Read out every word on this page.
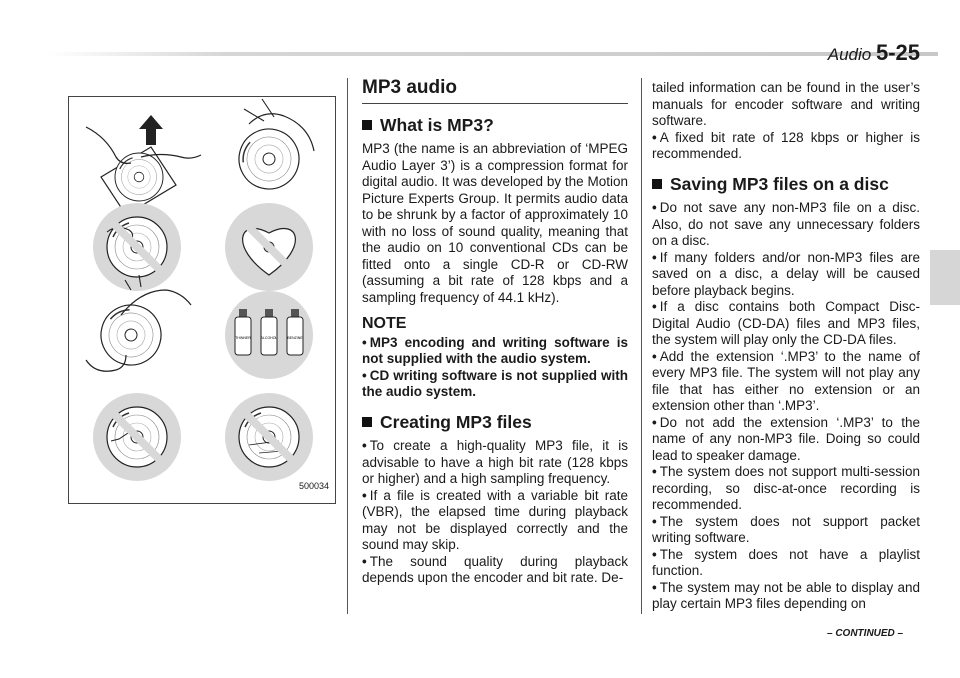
Audio 5-25
THINNER	ALCOHOL	BENZINE
500034
MP3 audio
What is MP3?

MP3 (the name is an abbreviation of ‘MPEG Audio Layer 3’) is a compression format for digital audio. It was developed by the Motion Picture Experts Group. It permits audio data to be shrunk by a factor of approximately 10 with no loss of sound quality, meaning that the audio on 10 conventional CDs can be fitted onto a single CD-R or CD-RW (assuming a bit rate of 128 kbps and a sampling frequency of 44.1 kHz).

NOTE

• MP3 encoding and writing software is not supplied with the audio system.

• CD writing software is not supplied with the audio system.

Creating MP3 files

• To create a high-quality MP3 file, it is advisable to have a high bit rate (128 kbps or higher) and a high sampling frequency.

• If a file is created with a variable bit rate (VBR), the elapsed time during playback may not be displayed correctly and the sound may skip.

• The sound quality during playback depends upon the encoder and bit rate. De-

tailed information can be found in the user’s manuals for encoder software and writing software.

• A fixed bit rate of 128 kbps or higher is recommended.

Saving MP3 files on a disc

• Do not save any non-MP3 file on a disc. Also, do not save any unnecessary folders on a disc.

• If many folders and/or non-MP3 files are saved on a disc, a delay will be caused before playback begins.

• If a disc contains both Compact Disc-Digital Audio (CD-DA) files and MP3 files, the system will play only the CD-DA files.

• Add the extension ‘.MP3’ to the name of every MP3 file. The system will not play any file that has either no extension or an extension other than ‘.MP3’.

• Do not add the extension ‘.MP3’ to the name of any non-MP3 file. Doing so could lead to speaker damage.

• The system does not support multi-session recording, so disc-at-once recording is recommended.

• The system does not support packet writing software.

• The system does not have a playlist function.

• The system may not be able to display and play certain MP3 files depending on

– CONTINUED –
